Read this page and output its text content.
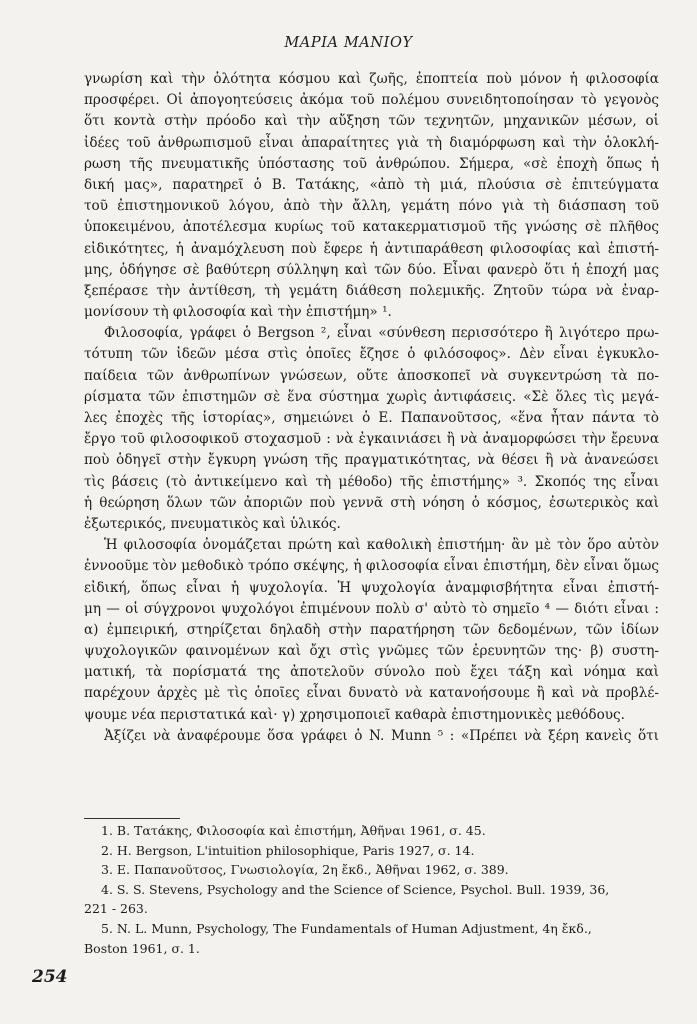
ΜΑΡΙΑ ΜΑΝΙΟΥ
γνωρίση καὶ τὴν ὁλότητα κόσμου καὶ ζωῆς, ἐποπτεία ποὺ μόνον ἡ φιλοσοφία
προσφέρει. Οἱ ἀπογοητεύσεις ἀκόμα τοῦ πολέμου συνειδητοποίησαν τὸ γεγονὸς
ὅτι κοντὰ στὴν πρόοδο καὶ τὴν αὔξηση τῶν τεχνητῶν, μηχανικῶν μέσων, οἱ
ἰδέες τοῦ ἀνθρωπισμοῦ εἶναι ἀπαραίτητες γιὰ τὴ διαμόρφωση καὶ τὴν ὁλοκλή-
ρωση τῆς πνευματικῆς ὑπόστασης τοῦ ἀνθρώπου. Σήμερα, «σὲ ἐποχὴ ὅπως ἡ
δική μας», παρατηρεῖ ὁ Β. Τατάκης, «ἀπὸ τὴ μιά, πλούσια σὲ ἐπιτεύγματα
τοῦ ἐπιστημονικοῦ λόγου, ἀπὸ τὴν ἄλλη, γεμάτη πόνο γιὰ τὴ διάσπαση τοῦ
ὑποκειμένου, ἀποτέλεσμα κυρίως τοῦ κατακερματισμοῦ τῆς γνώσης σὲ πλῆθος
εἰδικότητες, ἡ ἀναμόχλευση ποὺ ἔφερε ἡ ἀντιπαράθεση φιλοσοφίας καὶ ἐπιστή-
μης, ὁδήγησε σὲ βαθύτερη σύλληψη καὶ τῶν δύο. Εἶναι φανερὸ ὅτι ἡ ἐποχή μας
ξεπέρασε τὴν ἀντίθεση, τὴ γεμάτη διάθεση πολεμικῆς. Ζητοῦν τώρα νὰ ἐναρ-
μονίσουν τὴ φιλοσοφία καὶ τὴν ἐπιστήμη» ¹.
Φιλοσοφία, γράφει ὁ Bergson ², εἶναι «σύνθεση περισσότερο ἢ λιγότερο πρω-
τότυπη τῶν ἰδεῶν μέσα στὶς ὁποῖες ἔζησε ὁ φιλόσοφος». Δὲν εἶναι ἐγκυκλο-
παίδεια τῶν ἀνθρωπίνων γνώσεων, οὔτε ἀποσκοπεῖ νὰ συγκεντρώση τὰ πο-
ρίσματα τῶν ἐπιστημῶν σὲ ἕνα σύστημα χωρὶς ἀντιφάσεις. «Σὲ ὅλες τὶς μεγά-
λες ἐποχὲς τῆς ἱστορίας», σημειώνει ὁ Ε. Παπανοῦτσος, «ἕνα ἦταν πάντα τὸ
ἔργο τοῦ φιλοσοφικοῦ στοχασμοῦ : νὰ ἐγκαινιάσει ἢ νὰ ἀναμορφώσει τὴν ἔρευνα
ποὺ ὁδηγεῖ στὴν ἔγκυρη γνώση τῆς πραγματικότητας, νὰ θέσει ἢ νὰ ἀνανεώσει
τὶς βάσεις (τὸ ἀντικείμενο καὶ τὴ μέθοδο) τῆς ἐπιστήμης» ³. Σκοπός της εἶναι
ἡ θεώρηση ὅλων τῶν ἀποριῶν ποὺ γεννᾶ στὴ νόηση ὁ κόσμος, ἐσωτερικὸς καὶ
ἐξωτερικός, πνευματικὸς καὶ ὑλικός.
Ἡ φιλοσοφία ὀνομάζεται πρώτη καὶ καθολικὴ ἐπιστήμη· ἂν μὲ τὸν ὅρο αὐτὸν
ἐννοοῦμε τὸν μεθοδικὸ τρόπο σκέψης, ἡ φιλοσοφία εἶναι ἐπιστήμη, δὲν εἶναι ὅμως
εἰδική, ὅπως εἶναι ἡ ψυχολογία. Ἡ ψυχολογία ἀναμφισβήτητα εἶναι ἐπιστή-
μη — οἱ σύγχρονοι ψυχολόγοι ἐπιμένουν πολὺ σ' αὐτὸ τὸ σημεῖο ⁴ — διότι εἶναι :
α) ἐμπειρική, στηρίζεται δηλαδὴ στὴν παρατήρηση τῶν δεδομένων, τῶν ἰδίων
ψυχολογικῶν φαινομένων καὶ ὄχι στὶς γνῶμες τῶν ἐρευνητῶν της· β) συστη-
ματική, τὰ πορίσματά της ἀποτελοῦν σύνολο ποὺ ἔχει τάξη καὶ νόημα καὶ
παρέχουν ἀρχὲς μὲ τὶς ὁποῖες εἶναι δυνατὸ νὰ κατανοήσουμε ἢ καὶ νὰ προβλέ-
ψουμε νέα περιστατικά καὶ· γ) χρησιμοποιεῖ καθαρὰ ἐπιστημονικὲς μεθόδους.
Ἀξίζει νὰ ἀναφέρουμε ὅσα γράφει ὁ N. Munn ⁵ : «Πρέπει νὰ ξέρη κανεὶς ὅτι
1. Β. Τατάκης, Φιλοσοφία καὶ ἐπιστήμη, Ἀθῆναι 1961, σ. 45.
2. H. Bergson, L'intuition philosophique, Paris 1927, σ. 14.
3. Ε. Παπανοῦτσος, Γνωσιολογία, 2η ἔκδ., Ἀθῆναι 1962, σ. 389.
4. S. S. Stevens, Psychology and the Science of Science, Psychol. Bull. 1939, 36,
221 - 263.
5. N. L. Munn, Psychology, The Fundamentals of Human Adjustment, 4η ἔκδ.,
Boston 1961, σ. 1.
254
